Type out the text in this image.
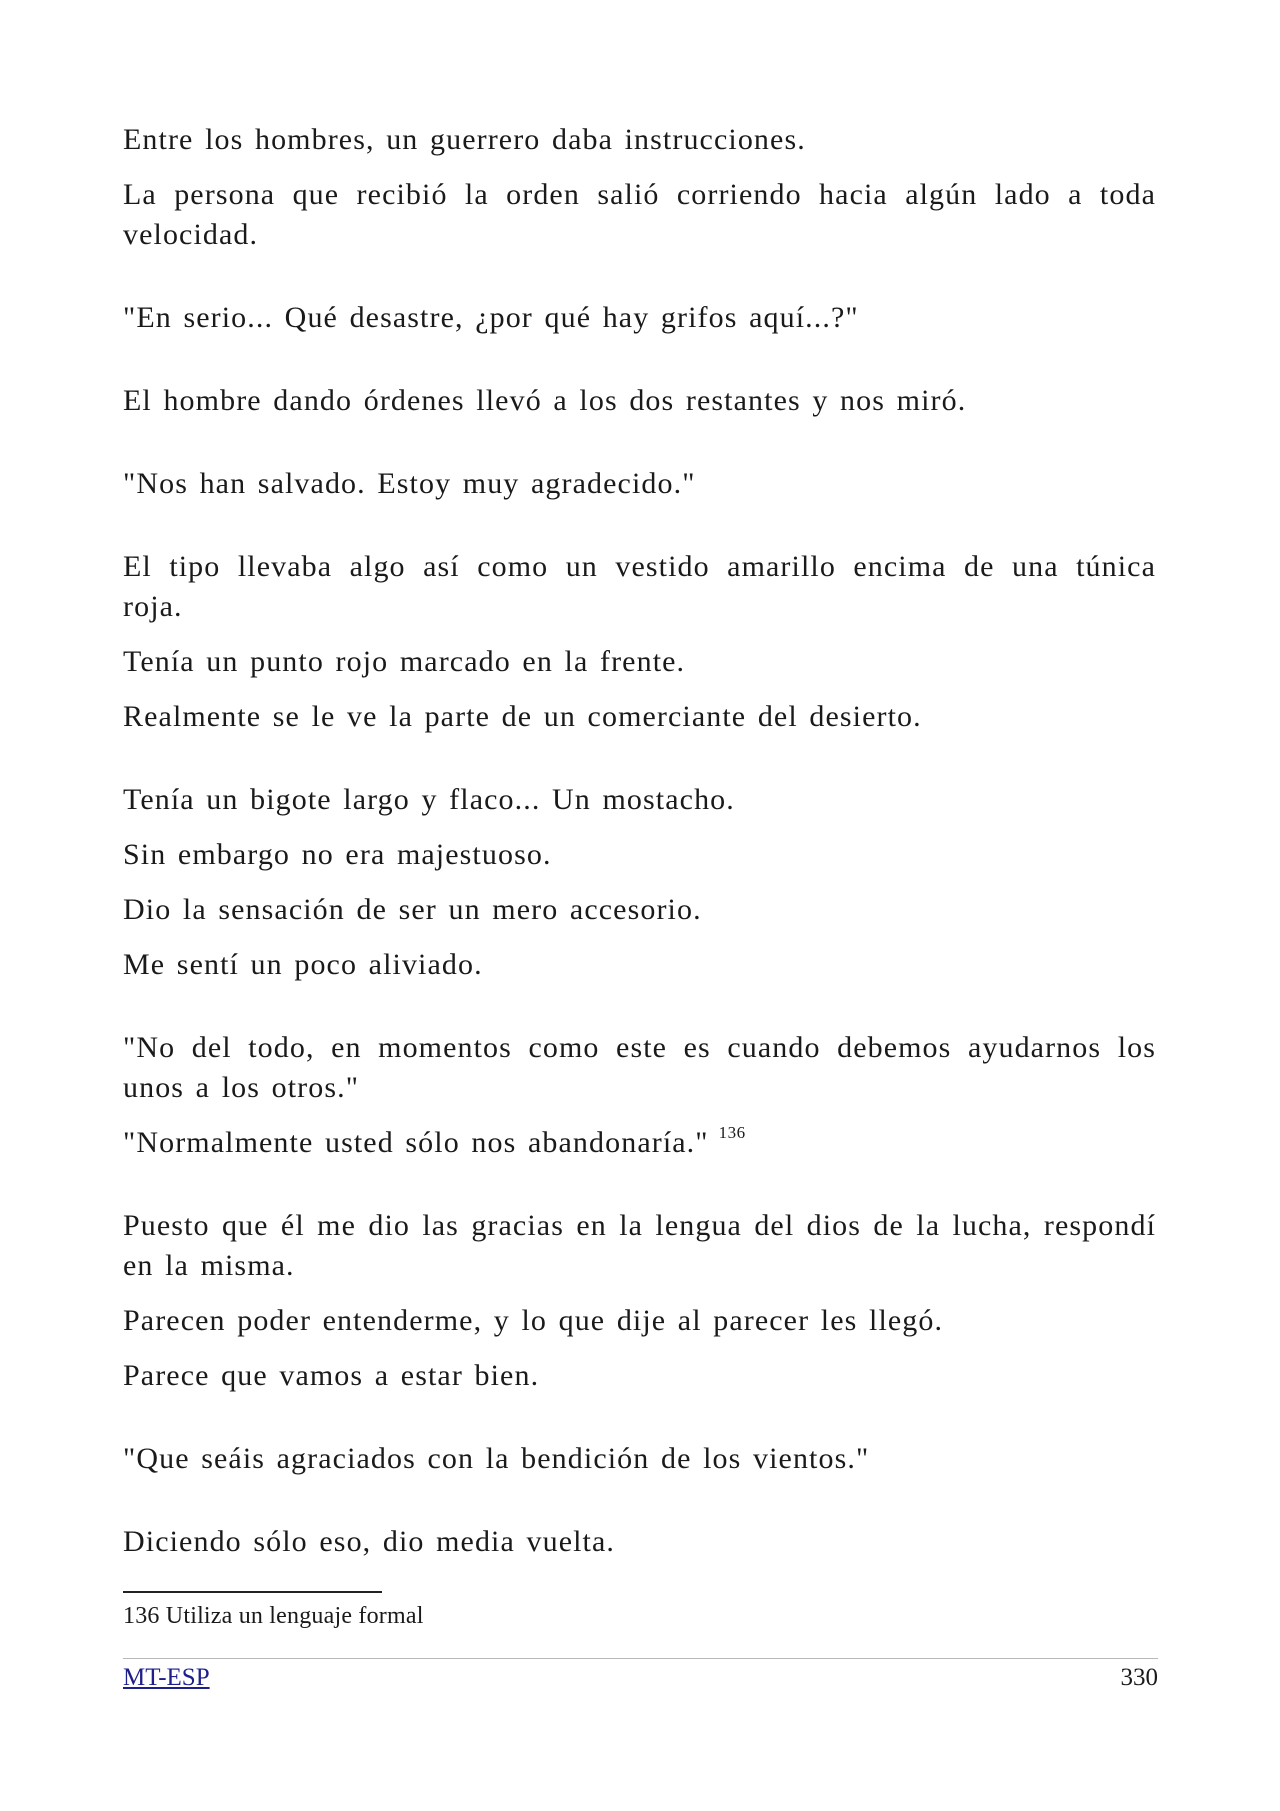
Entre los hombres, un guerrero daba instrucciones.

La persona que recibió la orden salió corriendo hacia algún lado a toda velocidad.

"En serio... Qué desastre, ¿por qué hay grifos aquí...?"

El hombre dando órdenes llevó a los dos restantes y nos miró.

"Nos han salvado. Estoy muy agradecido."

El tipo llevaba algo así como un vestido amarillo encima de una túnica roja.

Tenía un punto rojo marcado en la frente.

Realmente se le ve la parte de un comerciante del desierto.

Tenía un bigote largo y flaco... Un mostacho.

Sin embargo no era majestuoso.

Dio la sensación de ser un mero accesorio.

Me sentí un poco aliviado.

"No del todo, en momentos como este es cuando debemos ayudarnos los unos a los otros."

"Normalmente usted sólo nos abandonaría." $^{136}$

Puesto que él me dio las gracias en la lengua del dios de la lucha, respondí en la misma.

Parecen poder entenderme, y lo que dije al parecer les llegó.

Parece que vamos a estar bien.

"Que seáis agraciados con la bendición de los vientos."

Diciendo sólo eso, dio media vuelta.

136 Utiliza un lenguaje formal
MT-ESP	330
